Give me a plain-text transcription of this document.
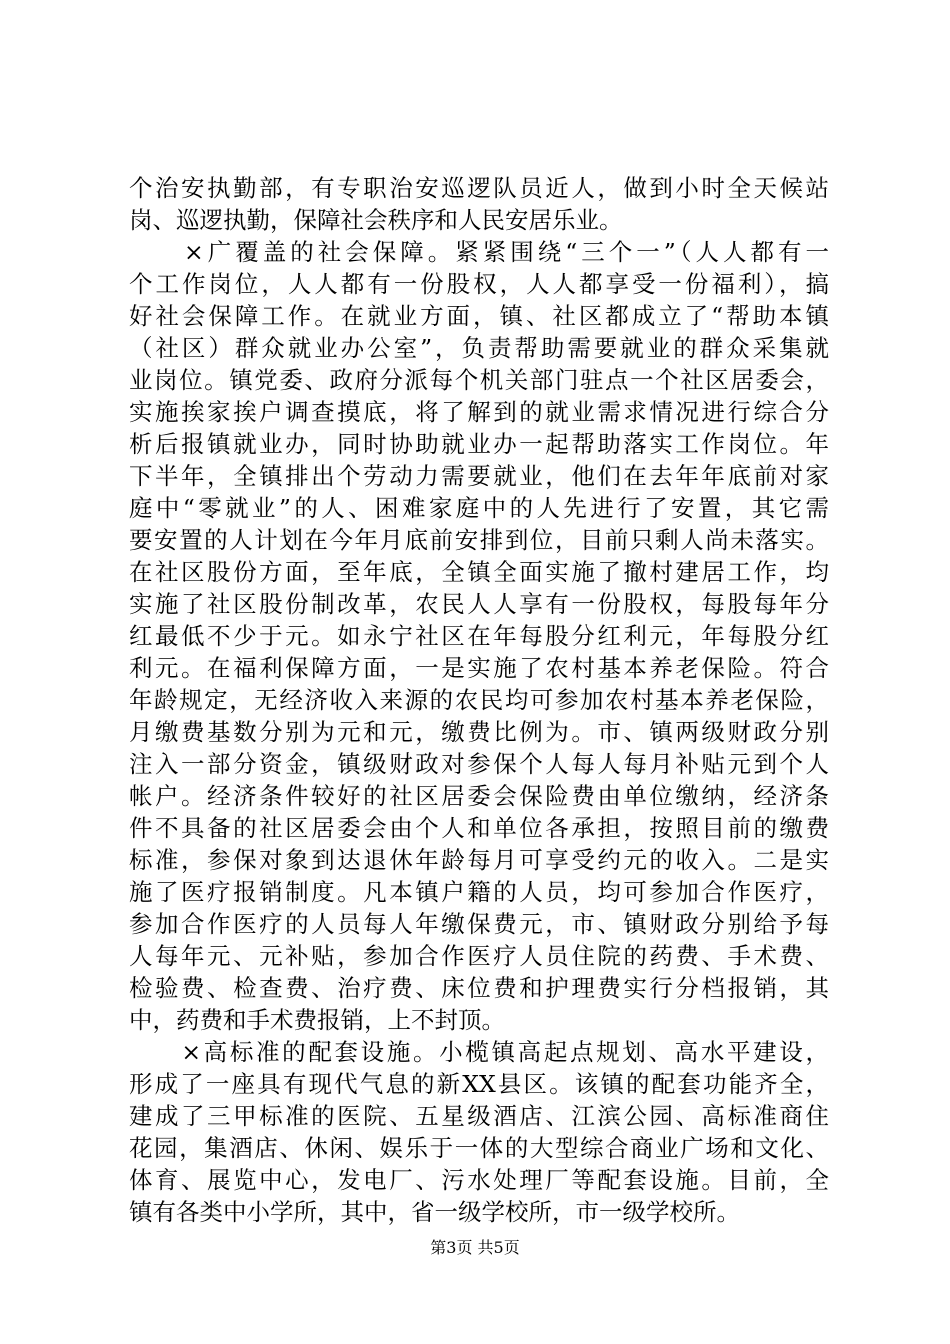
个治安执勤部，有专职治安巡逻队员近人，做到小时全天候站
岗、巡逻执勤，保障社会秩序和人民安居乐业。
　　×广覆盖的社会保障。紧紧围绕“三个一”（人人都有一
个工作岗位，人人都有一份股权，人人都享受一份福利），搞
好社会保障工作。在就业方面，镇、社区都成立了“帮助本镇
（社区）群众就业办公室”，负责帮助需要就业的群众采集就
业岗位。镇党委、政府分派每个机关部门驻点一个社区居委会，
实施挨家挨户调查摸底，将了解到的就业需求情况进行综合分
析后报镇就业办，同时协助就业办一起帮助落实工作岗位。年
下半年，全镇排出个劳动力需要就业，他们在去年年底前对家
庭中“零就业”的人、困难家庭中的人先进行了安置，其它需
要安置的人计划在今年月底前安排到位，目前只剩人尚未落实。
在社区股份方面，至年底，全镇全面实施了撤村建居工作，均
实施了社区股份制改革，农民人人享有一份股权，每股每年分
红最低不少于元。如永宁社区在年每股分红利元，年每股分红
利元。在福利保障方面，一是实施了农村基本养老保险。符合
年龄规定，无经济收入来源的农民均可参加农村基本养老保险，
月缴费基数分别为元和元，缴费比例为。市、镇两级财政分别
注入一部分资金，镇级财政对参保个人每人每月补贴元到个人
帐户。经济条件较好的社区居委会保险费由单位缴纳，经济条
件不具备的社区居委会由个人和单位各承担，按照目前的缴费
标准，参保对象到达退休年龄每月可享受约元的收入。二是实
施了医疗报销制度。凡本镇户籍的人员，均可参加合作医疗，
参加合作医疗的人员每人年缴保费元，市、镇财政分别给予每
人每年元、元补贴，参加合作医疗人员住院的药费、手术费、
检验费、检查费、治疗费、床位费和护理费实行分档报销，其
中，药费和手术费报销，上不封顶。
　　×高标准的配套设施。小榄镇高起点规划、高水平建设，
形成了一座具有现代气息的新XX县区。该镇的配套功能齐全，
建成了三甲标准的医院、五星级酒店、江滨公园、高标准商住
花园，集酒店、休闲、娱乐于一体的大型综合商业广场和文化、
体育、展览中心，发电厂、污水处理厂等配套设施。目前，全
镇有各类中小学所，其中，省一级学校所，市一级学校所。
第3页 共5页
